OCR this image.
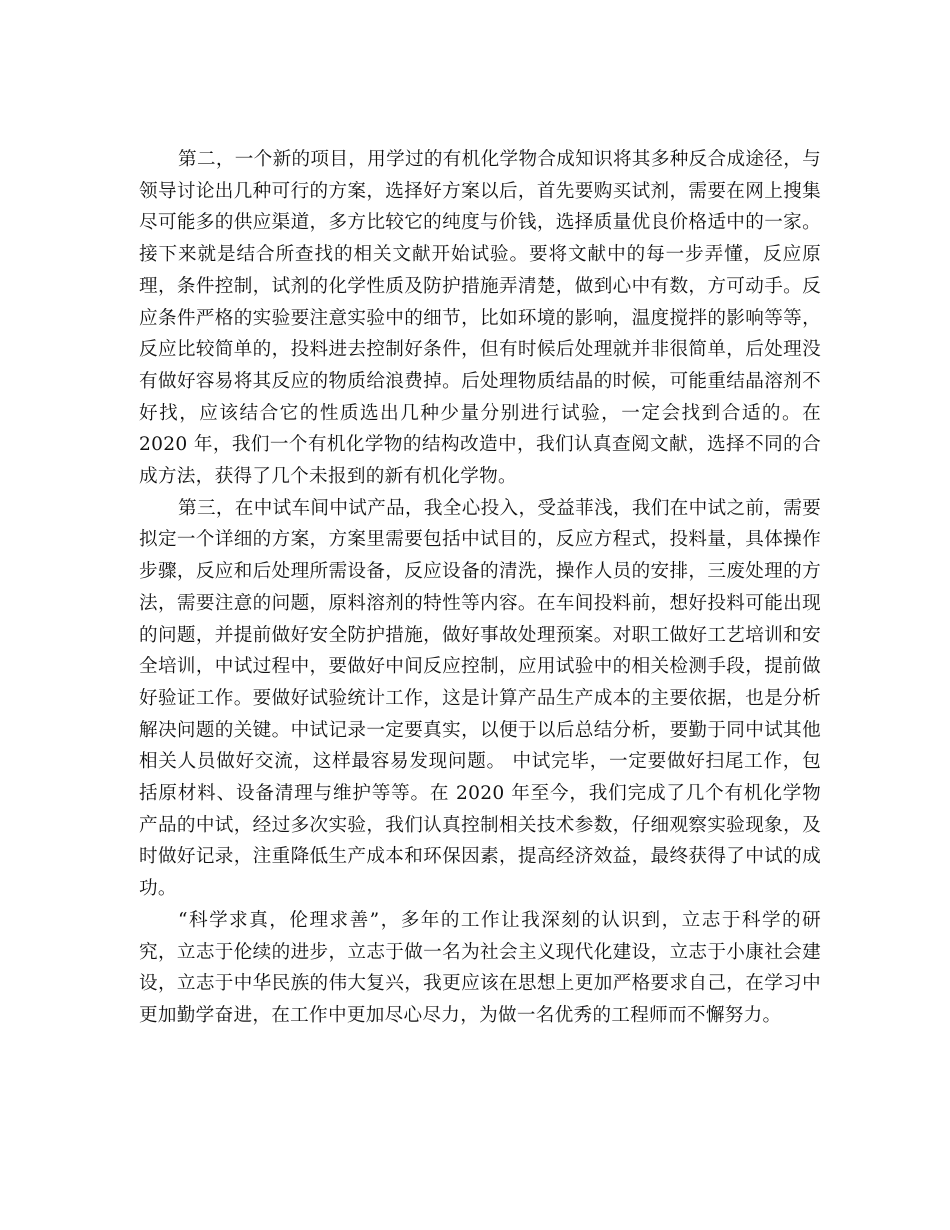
第二，一个新的项目，用学过的有机化学物合成知识将其多种反合成途径，与领导讨论出几种可行的方案，选择好方案以后，首先要购买试剂，需要在网上搜集尽可能多的供应渠道，多方比较它的纯度与价钱，选择质量优良价格适中的一家。接下来就是结合所查找的相关文献开始试验。要将文献中的每一步弄懂，反应原理，条件控制，试剂的化学性质及防护措施弄清楚，做到心中有数，方可动手。反应条件严格的实验要注意实验中的细节，比如环境的影响，温度搅拌的影响等等，反应比较简单的，投料进去控制好条件，但有时候后处理就并非很简单，后处理没有做好容易将其反应的物质给浪费掉。后处理物质结晶的时候，可能重结晶溶剂不好找，应该结合它的性质选出几种少量分别进行试验，一定会找到合适的。在 2020 年，我们一个有机化学物的结构改造中，我们认真查阅文献，选择不同的合成方法，获得了几个未报到的新有机化学物。

第三，在中试车间中试产品，我全心投入，受益菲浅，我们在中试之前，需要拟定一个详细的方案，方案里需要包括中试目的，反应方程式，投料量，具体操作步骤，反应和后处理所需设备，反应设备的清洗，操作人员的安排，三废处理的方法，需要注意的问题，原料溶剂的特性等内容。在车间投料前，想好投料可能出现的问题，并提前做好安全防护措施，做好事故处理预案。对职工做好工艺培训和安全培训，中试过程中，要做好中间反应控制，应用试验中的相关检测手段，提前做好验证工作。要做好试验统计工作，这是计算产品生产成本的主要依据，也是分析解决问题的关键。中试记录一定要真实，以便于以后总结分析，要勤于同中试其他相关人员做好交流，这样最容易发现问题。 中试完毕，一定要做好扫尾工作，包括原材料、设备清理与维护等等。在 2020 年至今，我们完成了几个有机化学物产品的中试，经过多次实验，我们认真控制相关技术参数，仔细观察实验现象，及时做好记录，注重降低生产成本和环保因素，提高经济效益，最终获得了中试的成功。

“科学求真，伦理求善”，多年的工作让我深刻的认识到，立志于科学的研究，立志于伦续的进步，立志于做一名为社会主义现代化建设，立志于小康社会建设，立志于中华民族的伟大复兴，我更应该在思想上更加严格要求自己，在学习中更加勤学奋进，在工作中更加尽心尽力，为做一名优秀的工程师而不懈努力。
